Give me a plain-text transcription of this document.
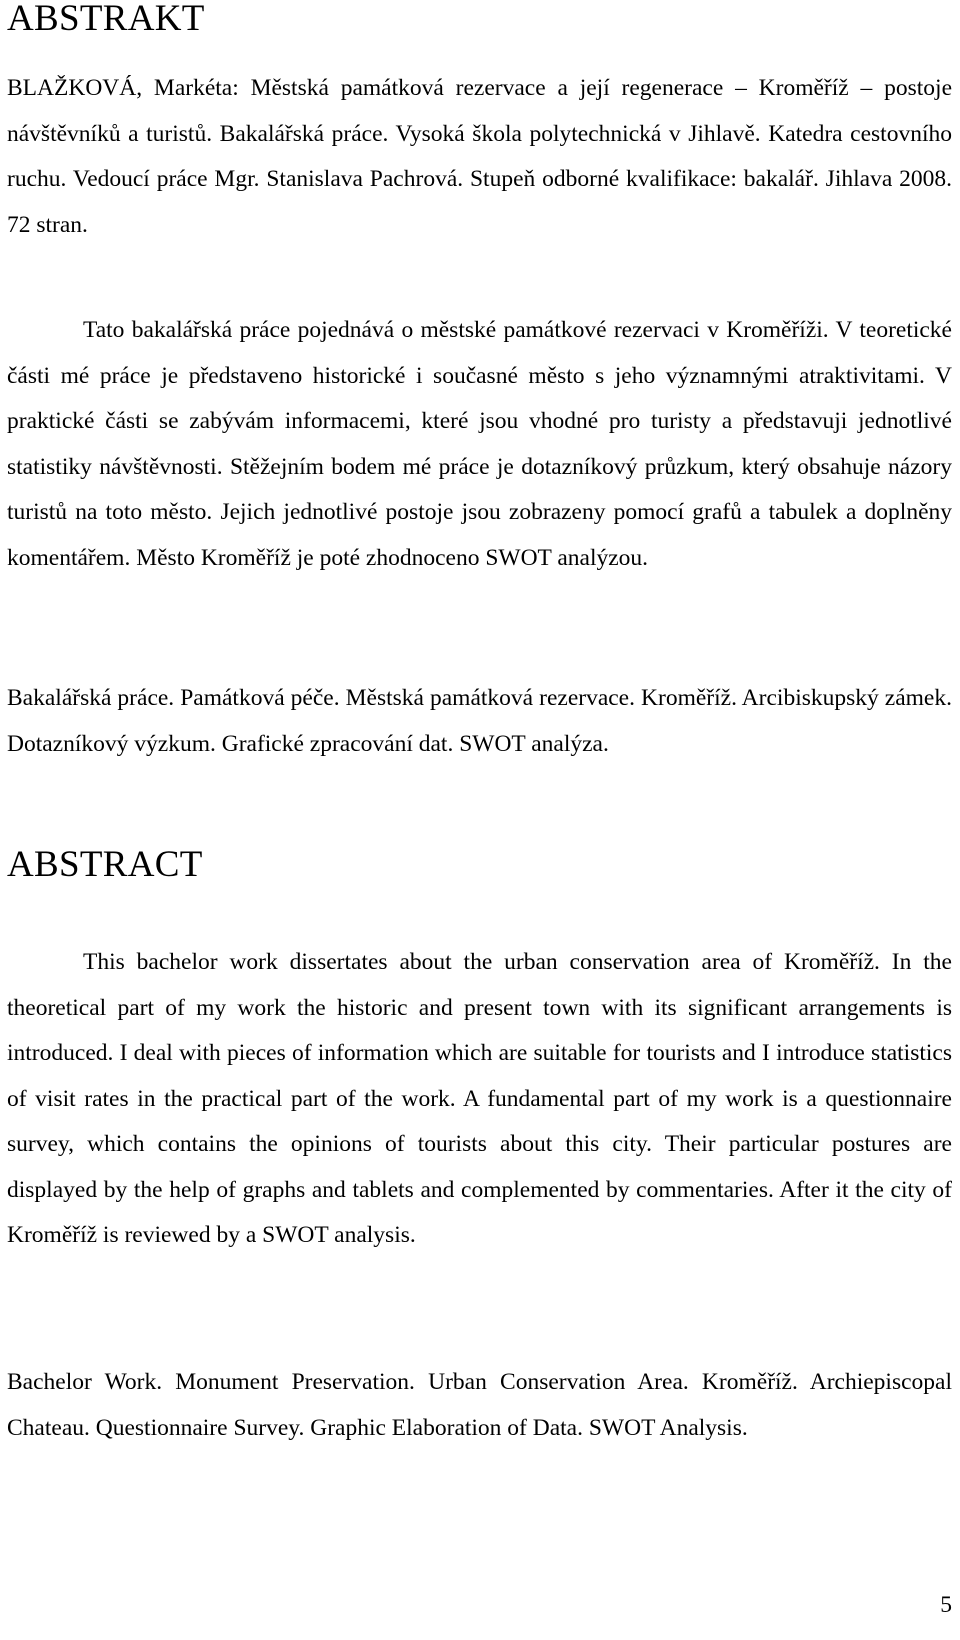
ABSTRAKT

BLAŽKOVÁ, Markéta: Městská památková rezervace a její regenerace – Kroměříž – postoje návštěvníků a turistů. Bakalářská práce. Vysoká škola polytechnická v Jihlavě. Katedra cestovního ruchu. Vedoucí práce Mgr. Stanislava Pachrová. Stupeň odborné kvalifikace: bakalář. Jihlava 2008. 72 stran.

Tato bakalářská práce pojednává o městské památkové rezervaci v Kroměříži. V teoretické části mé práce je představeno historické i současné město s jeho významnými atraktivitami. V praktické části se zabývám informacemi, které jsou vhodné pro turisty a představuji jednotlivé statistiky návštěvnosti. Stěžejním bodem mé práce je dotazníkový průzkum, který obsahuje názory turistů na toto město. Jejich jednotlivé postoje jsou zobrazeny pomocí grafů a tabulek a doplněny komentářem. Město Kroměříž je poté zhodnoceno SWOT analýzou.

Bakalářská práce. Památková péče. Městská památková rezervace. Kroměříž. Arcibiskupský zámek. Dotazníkový výzkum. Grafické zpracování dat. SWOT analýza.

ABSTRACT

This bachelor work dissertates about the urban conservation area of Kroměříž. In the theoretical part of my work the historic and present town with its significant arrangements is introduced. I deal with pieces of information which are suitable for tourists and I introduce statistics of visit rates in the practical part of the work. A fundamental part of my work is a questionnaire survey, which contains the opinions of tourists about this city. Their particular postures are displayed by the help of graphs and tablets and complemented by commentaries. After it the city of Kroměříž is reviewed by a SWOT analysis.

Bachelor Work. Monument Preservation. Urban Conservation Area. Kroměříž. Archiepiscopal Chateau. Questionnaire Survey. Graphic Elaboration of Data. SWOT Analysis.

5
